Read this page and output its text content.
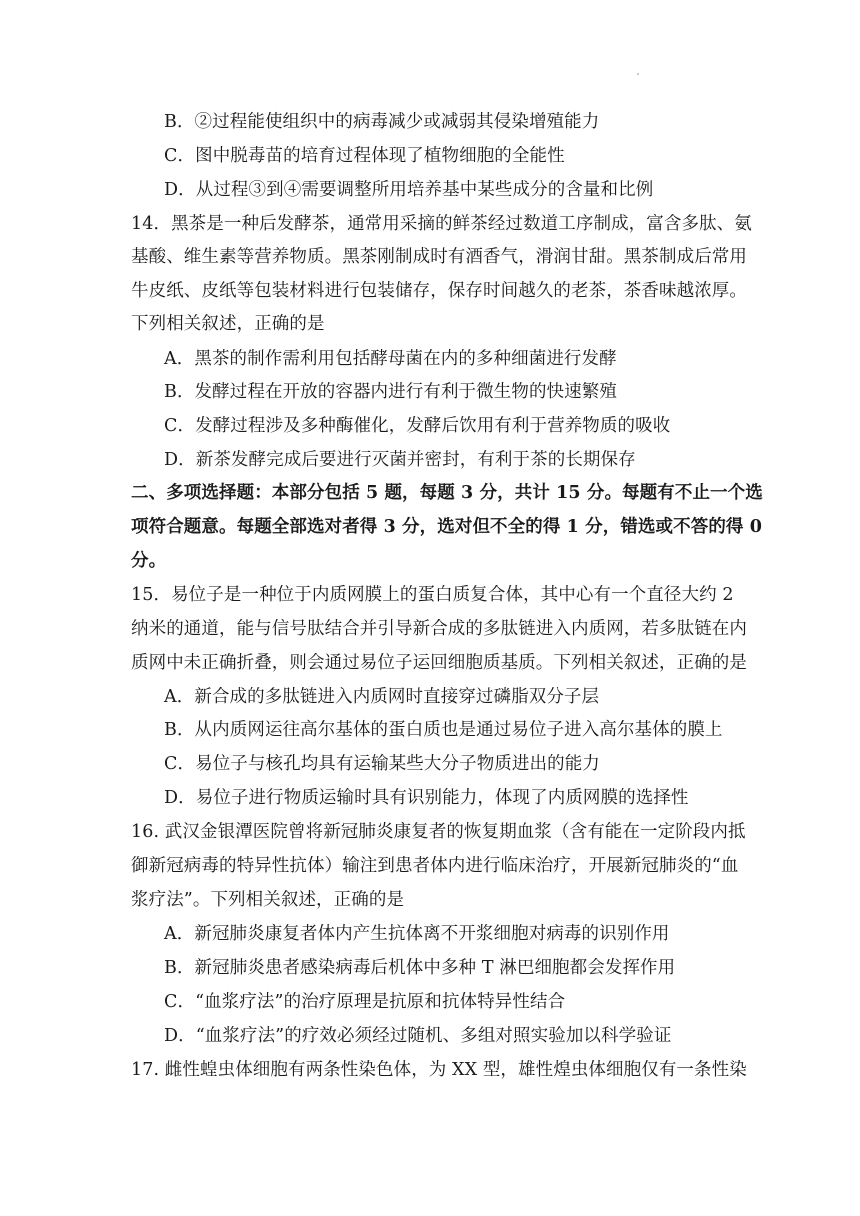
B．②过程能使组织中的病毒减少或减弱其侵染增殖能力
C．图中脱毒苗的培育过程体现了植物细胞的全能性
D．从过程③到④需要调整所用培养基中某些成分的含量和比例
14．黑茶是一种后发酵茶，通常用采摘的鲜茶经过数道工序制成，富含多肽、氨
基酸、维生素等营养物质。黑茶刚制成时有酒香气，滑润甘甜。黑茶制成后常用
牛皮纸、皮纸等包装材料进行包装储存，保存时间越久的老茶，茶香味越浓厚。
下列相关叙述，正确的是
A．黑茶的制作需利用包括酵母菌在内的多种细菌进行发酵
B．发酵过程在开放的容器内进行有利于微生物的快速繁殖
C．发酵过程涉及多种酶催化，发酵后饮用有利于营养物质的吸收
D．新茶发酵完成后要进行灭菌并密封，有利于茶的长期保存
二、多项选择题：本部分包括 5 题，每题 3 分，共计 15 分。每题有不止一个选
项符合题意。每题全部选对者得 3 分，选对但不全的得 1 分，错选或不答的得 0
分。
15．易位子是一种位于内质网膜上的蛋白质复合体，其中心有一个直径大约 2
纳米的通道，能与信号肽结合并引导新合成的多肽链进入内质网，若多肽链在内
质网中未正确折叠，则会通过易位子运回细胞质基质。下列相关叙述，正确的是
A．新合成的多肽链进入内质网时直接穿过磷脂双分子层
B．从内质网运往高尔基体的蛋白质也是通过易位子进入高尔基体的膜上
C．易位子与核孔均具有运输某些大分子物质进出的能力
D．易位子进行物质运输时具有识别能力，体现了内质网膜的选择性
16. 武汉金银潭医院曾将新冠肺炎康复者的恢复期血浆（含有能在一定阶段内抵
御新冠病毒的特异性抗体）输注到患者体内进行临床治疗，开展新冠肺炎的“血
浆疗法”。下列相关叙述，正确的是
A．新冠肺炎康复者体内产生抗体离不开浆细胞对病毒的识别作用
B．新冠肺炎患者感染病毒后机体中多种 T 淋巴细胞都会发挥作用
C．“血浆疗法”的治疗原理是抗原和抗体特异性结合
D．“血浆疗法”的疗效必须经过随机、多组对照实验加以科学验证
17. 雌性蝗虫体细胞有两条性染色体，为 XX 型，雄性煌虫体细胞仅有一条性染
